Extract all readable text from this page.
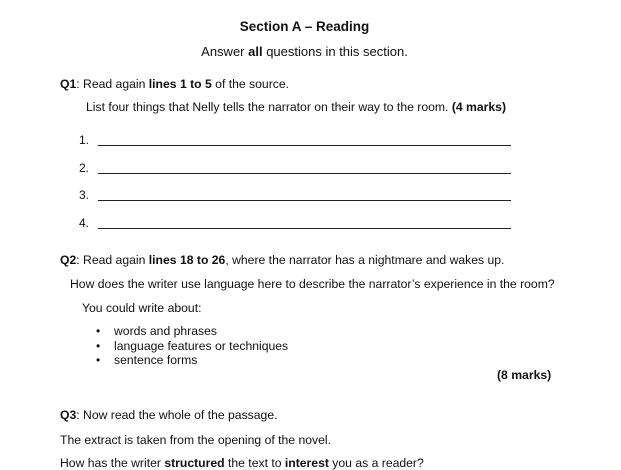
Section A – Reading
Answer all questions in this section.
Q1: Read again lines 1 to 5 of the source.
List four things that Nelly tells the narrator on their way to the room. (4 marks)
1.
2.
3.
4.
Q2: Read again lines 18 to 26, where the narrator has a nightmare and wakes up.
How does the writer use language here to describe the narrator’s experience in the room?
You could write about:
• words and phrases
• language features or techniques
• sentence forms
(8 marks)
Q3: Now read the whole of the passage.
The extract is taken from the opening of the novel.
How has the writer structured the text to interest you as a reader?
